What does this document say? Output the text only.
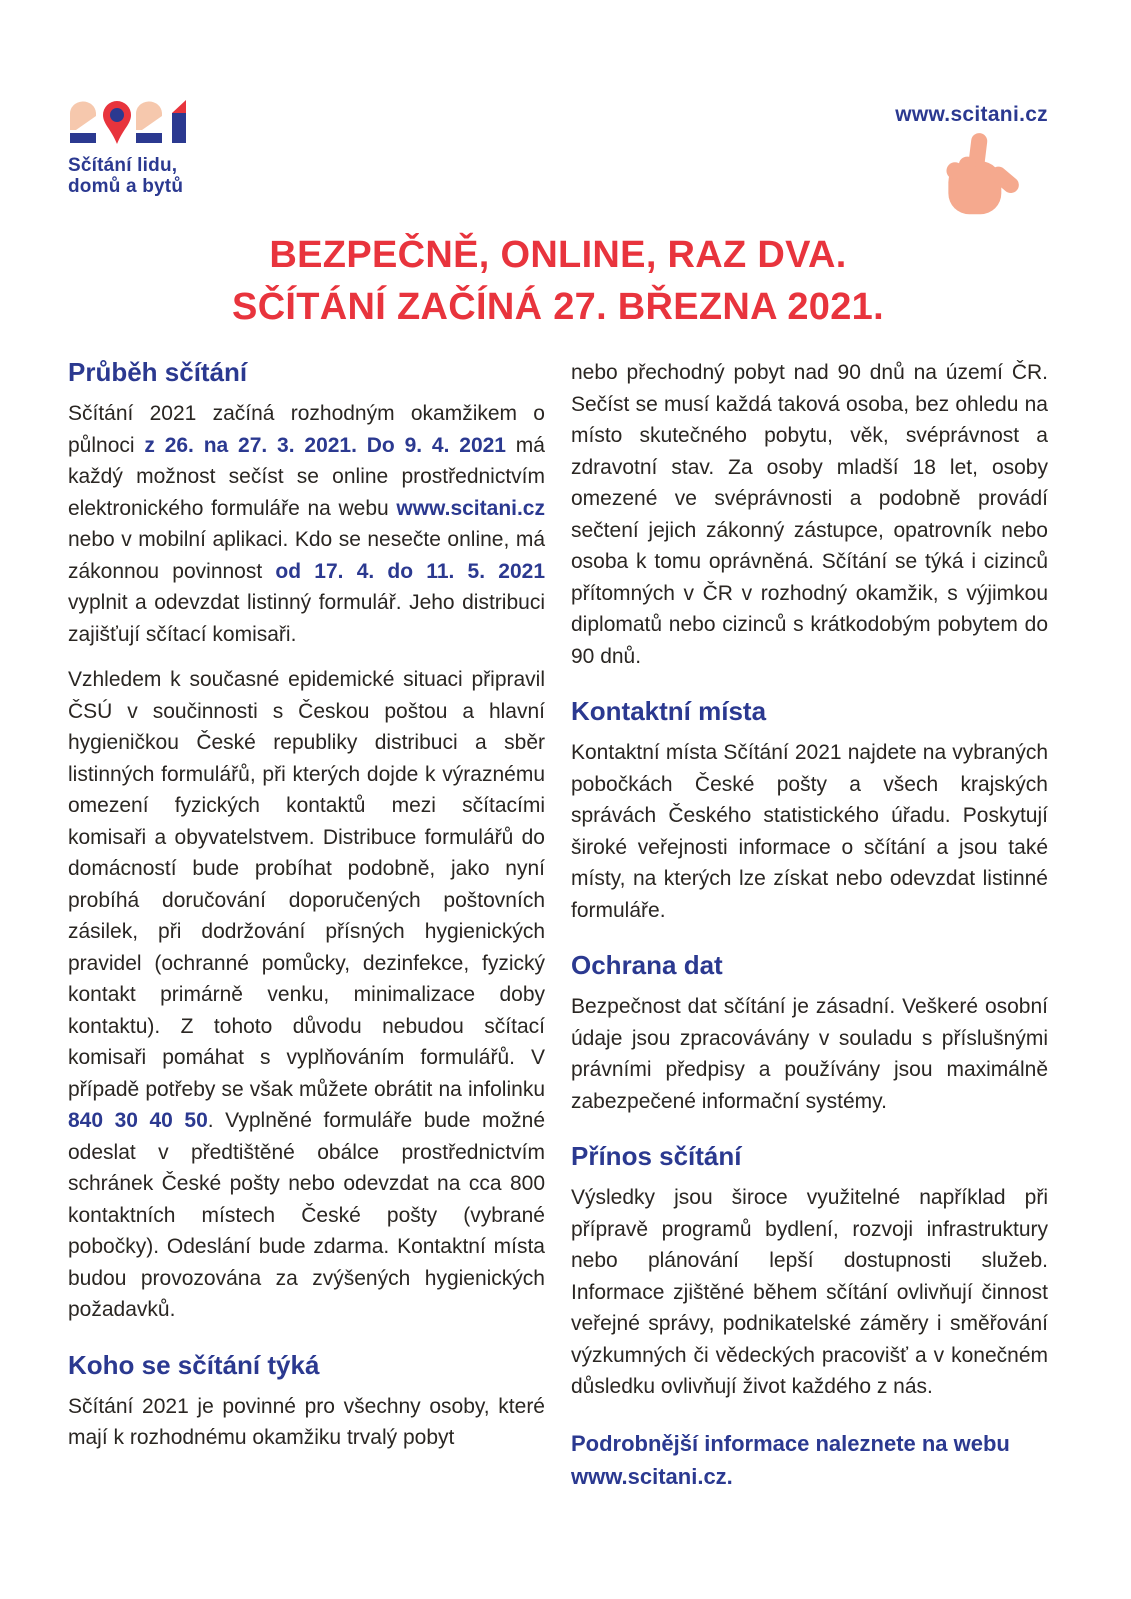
Sčítání lidu,
domů a bytů
www.scitani.cz
BEZPEČNĚ, ONLINE, RAZ DVA.
SČÍTÁNÍ ZAČÍNÁ 27. BŘEZNA 2021.
Průběh sčítání

Sčítání 2021 začíná rozhodným okamžikem o půlnoci z 26. na 27. 3. 2021. Do 9. 4. 2021 má každý možnost sečíst se online prostřednictvím elektronického formuláře na webu www.scitani.cz nebo v mobilní aplikaci. Kdo se nesečte online, má zákonnou povinnost od 17. 4. do 11. 5. 2021 vyplnit a odevzdat listinný formulář. Jeho distribuci zajišťují sčítací komisaři.

Vzhledem k současné epidemické situaci připravil ČSÚ v součinnosti s Českou poštou a hlavní hygieničkou České republiky distribuci a sběr listinných formulářů, při kterých dojde k výraznému omezení fyzických kontaktů mezi sčítacími komisaři a obyvatelstvem. Distribuce formulářů do domácností bude probíhat podobně, jako nyní probíhá doručování doporučených poštovních zásilek, při dodržování přísných hygienických pravidel (ochranné pomůcky, dezinfekce, fyzický kontakt primárně venku, minimalizace doby kontaktu). Z tohoto důvodu nebudou sčítací komisaři pomáhat s vyplňováním formulářů. V případě potřeby se však můžete obrátit na infolinku 840 30 40 50. Vyplněné formuláře bude možné odeslat v předtištěné obálce prostřednictvím schránek České pošty nebo odevzdat na cca 800 kontaktních místech České pošty (vybrané pobočky). Odeslání bude zdarma. Kontaktní místa budou provozována za zvýšených hygienických požadavků.

Koho se sčítání týká

Sčítání 2021 je povinné pro všechny osoby, které mají k rozhodnému okamžiku trvalý pobyt

nebo přechodný pobyt nad 90 dnů na území ČR. Sečíst se musí každá taková osoba, bez ohledu na místo skutečného pobytu, věk, svéprávnost a zdravotní stav. Za osoby mladší 18 let, osoby omezené ve svéprávnosti a podobně provádí sečtení jejich zákonný zástupce, opatrovník nebo osoba k tomu oprávněná. Sčítání se týká i cizinců přítomných v ČR v rozhodný okamžik, s výjimkou diplomatů nebo cizinců s krátkodobým pobytem do 90 dnů.

Kontaktní místa

Kontaktní místa Sčítání 2021 najdete na vybraných pobočkách České pošty a všech krajských správách Českého statistického úřadu. Poskytují široké veřejnosti informace o sčítání a jsou také místy, na kterých lze získat nebo odevzdat listinné formuláře.

Ochrana dat

Bezpečnost dat sčítání je zásadní. Veškeré osobní údaje jsou zpracovávány v souladu s příslušnými právními předpisy a používány jsou maximálně zabezpečené informační systémy.

Přínos sčítání

Výsledky jsou široce využitelné například při přípravě programů bydlení, rozvoji infrastruktury nebo plánování lepší dostupnosti služeb. Informace zjištěné během sčítání ovlivňují činnost veřejné správy, podnikatelské záměry i směřování výzkumných či vědeckých pracovišť a v konečném důsledku ovlivňují život každého z nás.

Podrobnější informace naleznete na webu www.scitani.cz.
